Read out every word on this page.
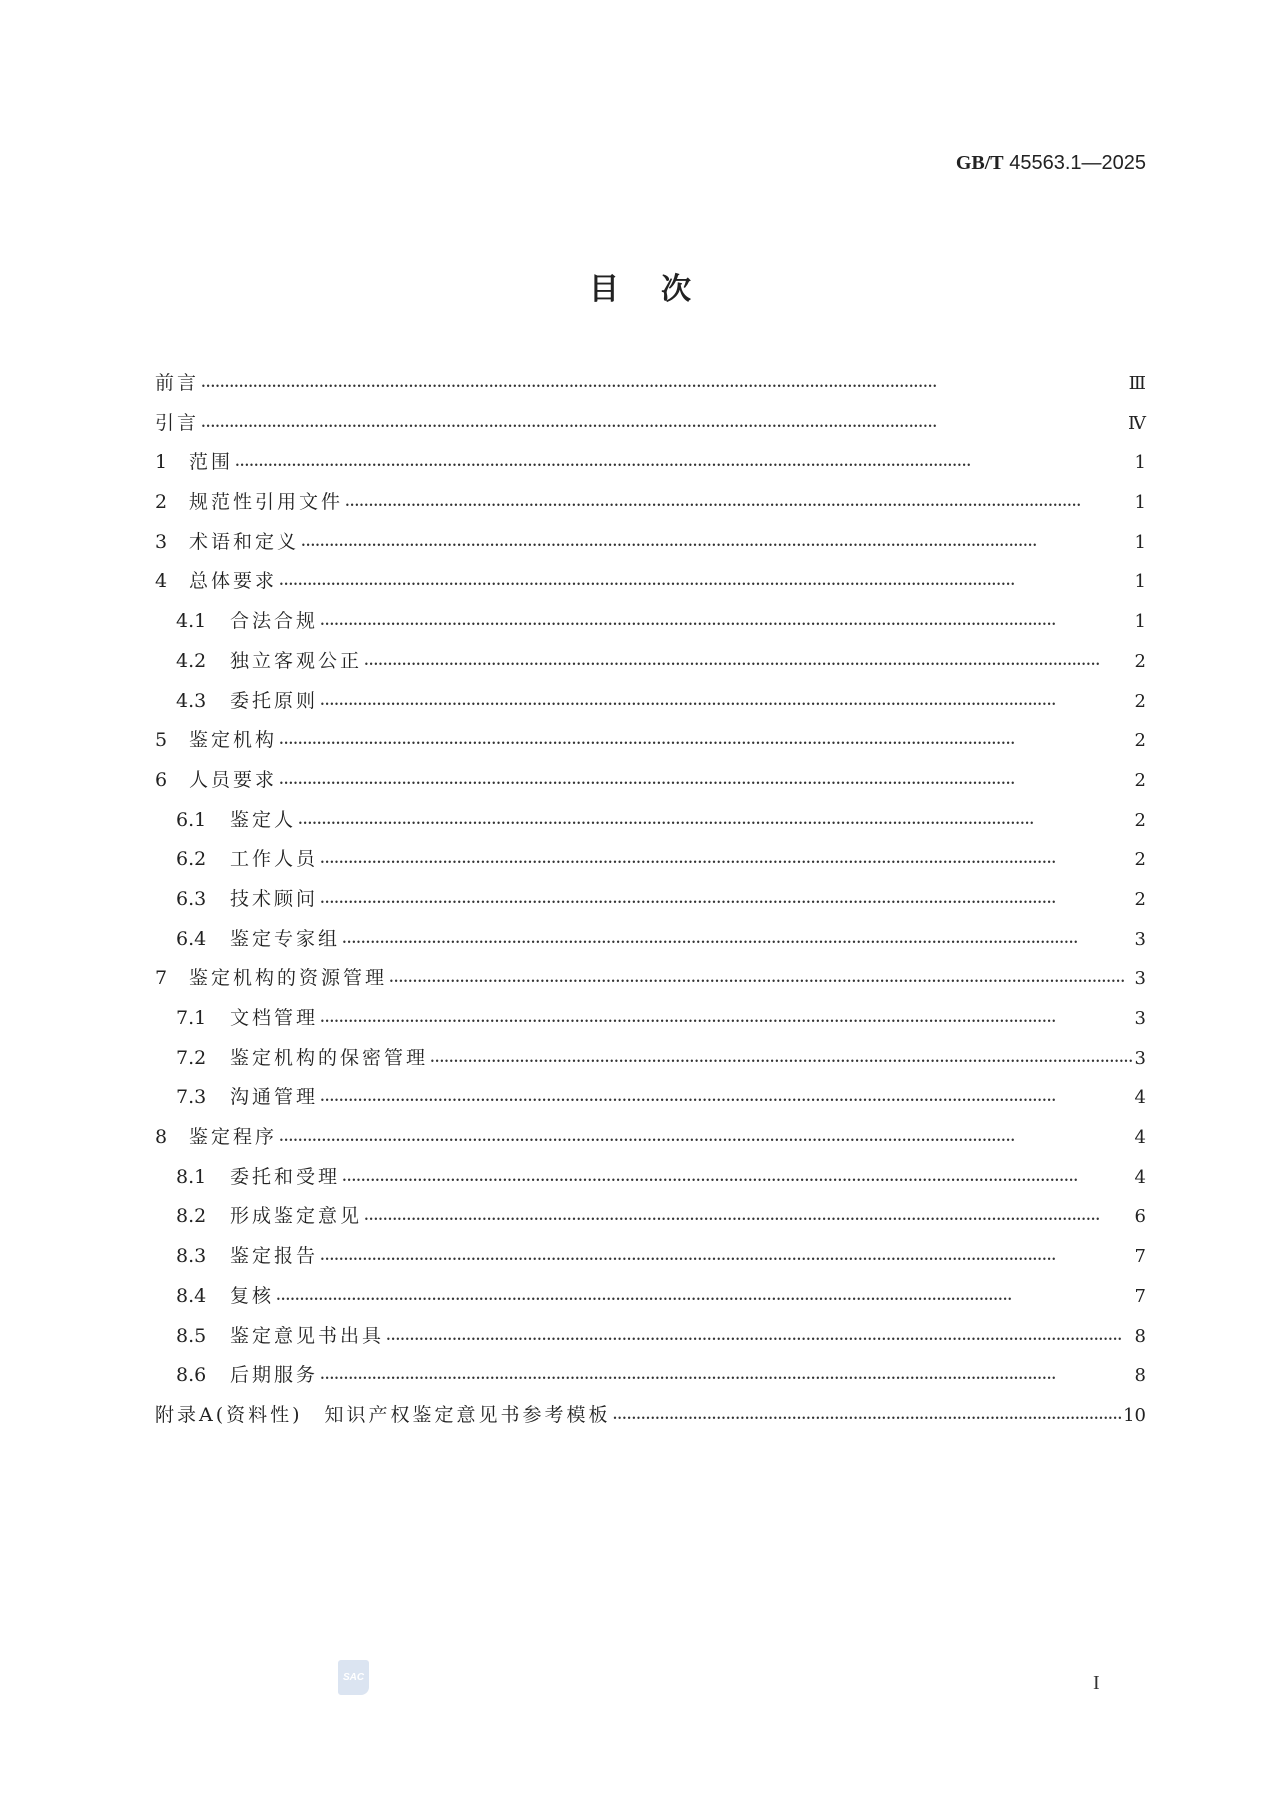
GB/T 45563.1—2025
目次
前言 •••••	Ⅲ
引言 •••••	Ⅳ
1	范围 •••••	1
2	规范性引用文件 •••••	1
3	术语和定义 •••••	1
4	总体要求 •••••	1
4.1	合法合规 •••••	1
4.2	独立客观公正 •••••	2
4.3	委托原则 •••••	2
5	鉴定机构 •••••	2
6	人员要求 •••••	2
6.1	鉴定人 •••••	2
6.2	工作人员 •••••	2
6.3	技术顾问 •••••	2
6.4	鉴定专家组 •••••	3
7	鉴定机构的资源管理 •••••	3
7.1	文档管理 •••••	3
7.2	鉴定机构的保密管理 •••••	3
7.3	沟通管理 •••••	4
8	鉴定程序 •••••	4
8.1	委托和受理 •••••	4
8.2	形成鉴定意见 •••••	6
8.3	鉴定报告 •••••	7
8.4	复核 •••••	7
8.5	鉴定意见书出具 •••••	8
8.6	后期服务 •••••	8
附录A(资料性)　知识产权鉴定意见书参考模板 •••••	10
SAC	I
